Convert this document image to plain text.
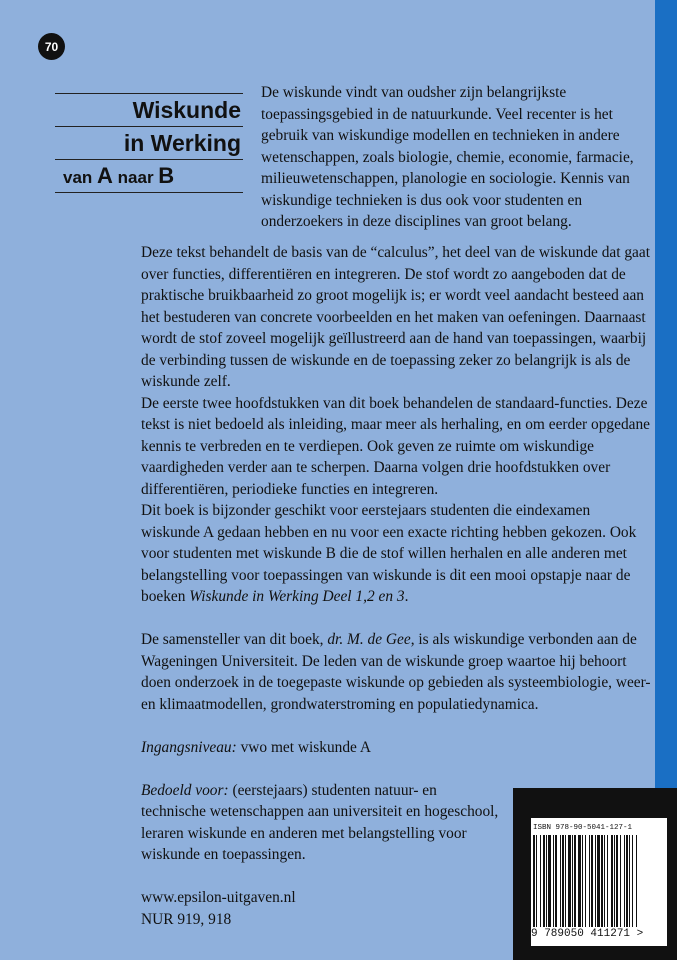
70
Wiskunde
in Werking
van A naar B
De wiskunde vindt van oudsher zijn belangrijkste toepassingsgebied in de natuurkunde. Veel recenter is het gebruik van wiskundige modellen en technieken in andere wetenschappen, zoals biologie, chemie, economie, farmacie, milieuwetenschappen, planologie en sociologie. Kennis van wiskundige technieken is dus ook voor studenten en onderzoekers in deze disciplines van groot belang.

Deze tekst behandelt de basis van de “calculus”, het deel van de wiskunde dat gaat over functies, differentiëren en integreren. De stof wordt zo aangeboden dat de praktische bruikbaarheid zo groot mogelijk is; er wordt veel aandacht besteed aan het bestuderen van concrete voorbeelden en het maken van oefeningen. Daarnaast wordt de stof zoveel mogelijk geïllustreerd aan de hand van toepassingen, waarbij de verbinding tussen de wiskunde en de toepassing zeker zo belangrijk is als de wiskunde zelf.

De eerste twee hoofdstukken van dit boek behandelen de standaard-functies. Deze tekst is niet bedoeld als inleiding, maar meer als herhaling, en om eerder opgedane kennis te verbreden en te verdiepen. Ook geven ze ruimte om wiskundige vaardigheden verder aan te scherpen. Daarna volgen drie hoofdstukken over differentiëren, periodieke functies en integreren.

Dit boek is bijzonder geschikt voor eerstejaars studenten die eindexamen wiskunde A gedaan hebben en nu voor een exacte richting hebben gekozen. Ook voor studenten met wiskunde B die de stof willen herhalen en alle anderen met belangstelling voor toepassingen van wiskunde is dit een mooi opstapje naar de boeken Wiskunde in Werking Deel 1,2 en 3.

De samensteller van dit boek, dr. M. de Gee, is als wiskundige verbonden aan de Wageningen Universiteit. De leden van de wiskunde groep waartoe hij behoort doen onderzoek in de toegepaste wiskunde op gebieden als systeembiologie, weer- en klimaatmodellen, grondwaterstroming en populatiedynamica.

Ingangsniveau: vwo met wiskunde A

Bedoeld voor: (eerstejaars) studenten natuur- en technische wetenschappen aan universiteit en hogeschool, leraren wiskunde en anderen met belangstelling voor wiskunde en toepassingen.

www.epsilon-uitgaven.nl

NUR 919, 918

ISBN 978-90-5041-127-1
9 789050 411271 >
